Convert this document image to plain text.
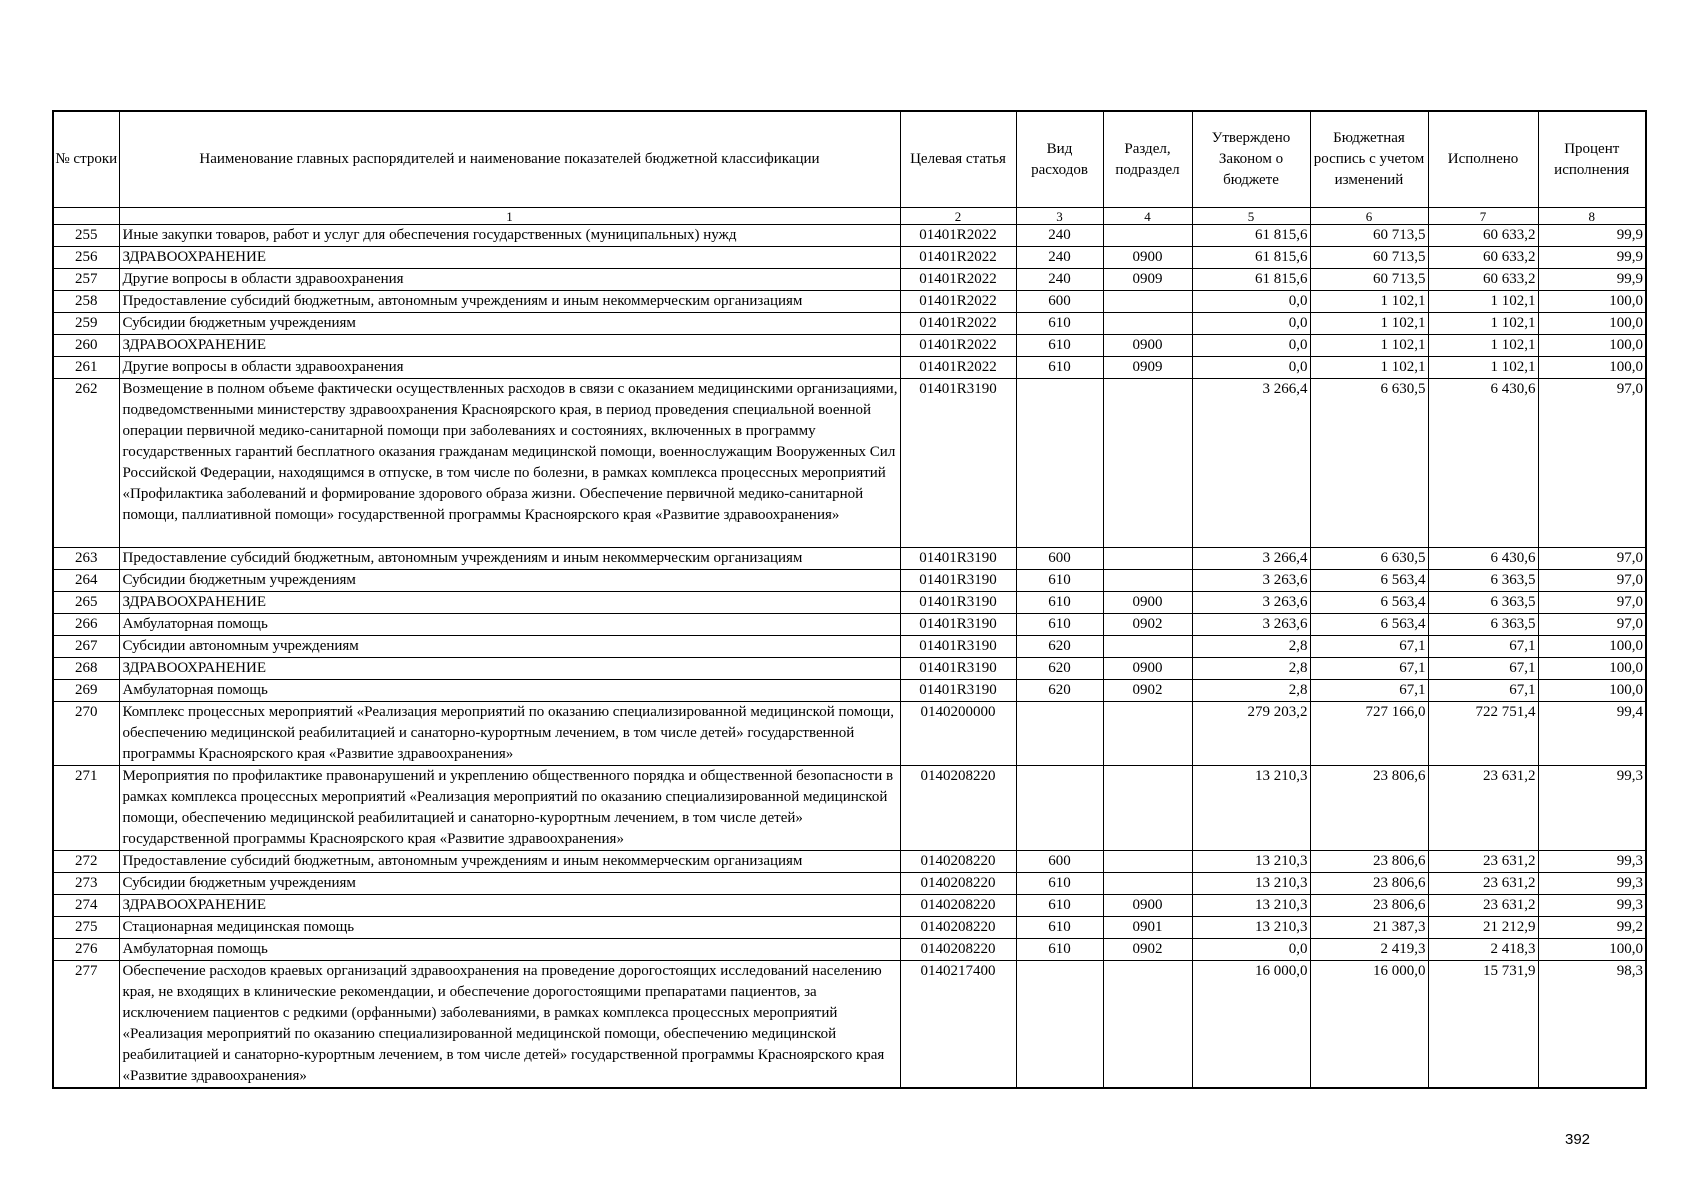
№ строки	Наименование главных распорядителей и наименование показателей бюджетной классификации	Целевая статья	Вид расходов	Раздел, подраздел	Утверждено Законом о бюджете	Бюджетная роспись с учетом изменений	Исполнено	Процент исполнения
	1	2	3	4	5	6	7	8
255	Иные закупки товаров, работ и услуг для обеспечения государственных (муниципальных) нужд	01401R2022	240		61 815,6	60 713,5	60 633,2	99,9
256	ЗДРАВООХРАНЕНИЕ	01401R2022	240	0900	61 815,6	60 713,5	60 633,2	99,9
257	Другие вопросы в области здравоохранения	01401R2022	240	0909	61 815,6	60 713,5	60 633,2	99,9
258	Предоставление субсидий бюджетным, автономным учреждениям и иным некоммерческим организациям	01401R2022	600		0,0	1 102,1	1 102,1	100,0
259	Субсидии бюджетным учреждениям	01401R2022	610		0,0	1 102,1	1 102,1	100,0
260	ЗДРАВООХРАНЕНИЕ	01401R2022	610	0900	0,0	1 102,1	1 102,1	100,0
261	Другие вопросы в области здравоохранения	01401R2022	610	0909	0,0	1 102,1	1 102,1	100,0
262	Возмещение в полном объеме фактически осуществленных расходов в связи с оказанием медицинскими организациями, подведомственными министерству здравоохранения Красноярского края, в период проведения специальной военной операции первичной медико-санитарной помощи при заболеваниях и состояниях, включенных в программу государственных гарантий бесплатного оказания гражданам медицинской помощи, военнослужащим Вооруженных Сил Российской Федерации, находящимся в отпуске, в том числе по болезни, в рамках комплекса процессных мероприятий «Профилактика заболеваний и формирование здорового образа жизни. Обеспечение первичной медико-санитарной помощи, паллиативной помощи» государственной программы Красноярского края «Развитие здравоохранения»	01401R3190			3 266,4	6 630,5	6 430,6	97,0
263	Предоставление субсидий бюджетным, автономным учреждениям и иным некоммерческим организациям	01401R3190	600		3 266,4	6 630,5	6 430,6	97,0
264	Субсидии бюджетным учреждениям	01401R3190	610		3 263,6	6 563,4	6 363,5	97,0
265	ЗДРАВООХРАНЕНИЕ	01401R3190	610	0900	3 263,6	6 563,4	6 363,5	97,0
266	Амбулаторная помощь	01401R3190	610	0902	3 263,6	6 563,4	6 363,5	97,0
267	Субсидии автономным учреждениям	01401R3190	620		2,8	67,1	67,1	100,0
268	ЗДРАВООХРАНЕНИЕ	01401R3190	620	0900	2,8	67,1	67,1	100,0
269	Амбулаторная помощь	01401R3190	620	0902	2,8	67,1	67,1	100,0
270	Комплекс процессных мероприятий «Реализация мероприятий по оказанию специализированной медицинской помощи, обеспечению медицинской реабилитацией и санаторно-курортным лечением, в том числе детей» государственной программы Красноярского края «Развитие здравоохранения»	0140200000			279 203,2	727 166,0	722 751,4	99,4
271	Мероприятия по профилактике правонарушений и укреплению общественного порядка и общественной безопасности в рамках комплекса процессных мероприятий «Реализация мероприятий по оказанию специализированной медицинской помощи, обеспечению медицинской реабилитацией и санаторно-курортным лечением, в том числе детей» государственной программы Красноярского края «Развитие здравоохранения»	0140208220			13 210,3	23 806,6	23 631,2	99,3
272	Предоставление субсидий бюджетным, автономным учреждениям и иным некоммерческим организациям	0140208220	600		13 210,3	23 806,6	23 631,2	99,3
273	Субсидии бюджетным учреждениям	0140208220	610		13 210,3	23 806,6	23 631,2	99,3
274	ЗДРАВООХРАНЕНИЕ	0140208220	610	0900	13 210,3	23 806,6	23 631,2	99,3
275	Стационарная медицинская помощь	0140208220	610	0901	13 210,3	21 387,3	21 212,9	99,2
276	Амбулаторная помощь	0140208220	610	0902	0,0	2 419,3	2 418,3	100,0
277	Обеспечение расходов краевых организаций здравоохранения на проведение дорогостоящих исследований населению края, не входящих в клинические рекомендации, и обеспечение дорогостоящими препаратами пациентов, за исключением пациентов с редкими (орфанными) заболеваниями, в рамках комплекса процессных мероприятий «Реализация мероприятий по оказанию специализированной медицинской помощи, обеспечению медицинской реабилитацией и санаторно-курортным лечением, в том числе детей» государственной программы Красноярского края «Развитие здравоохранения»	0140217400			16 000,0	16 000,0	15 731,9	98,3
392
